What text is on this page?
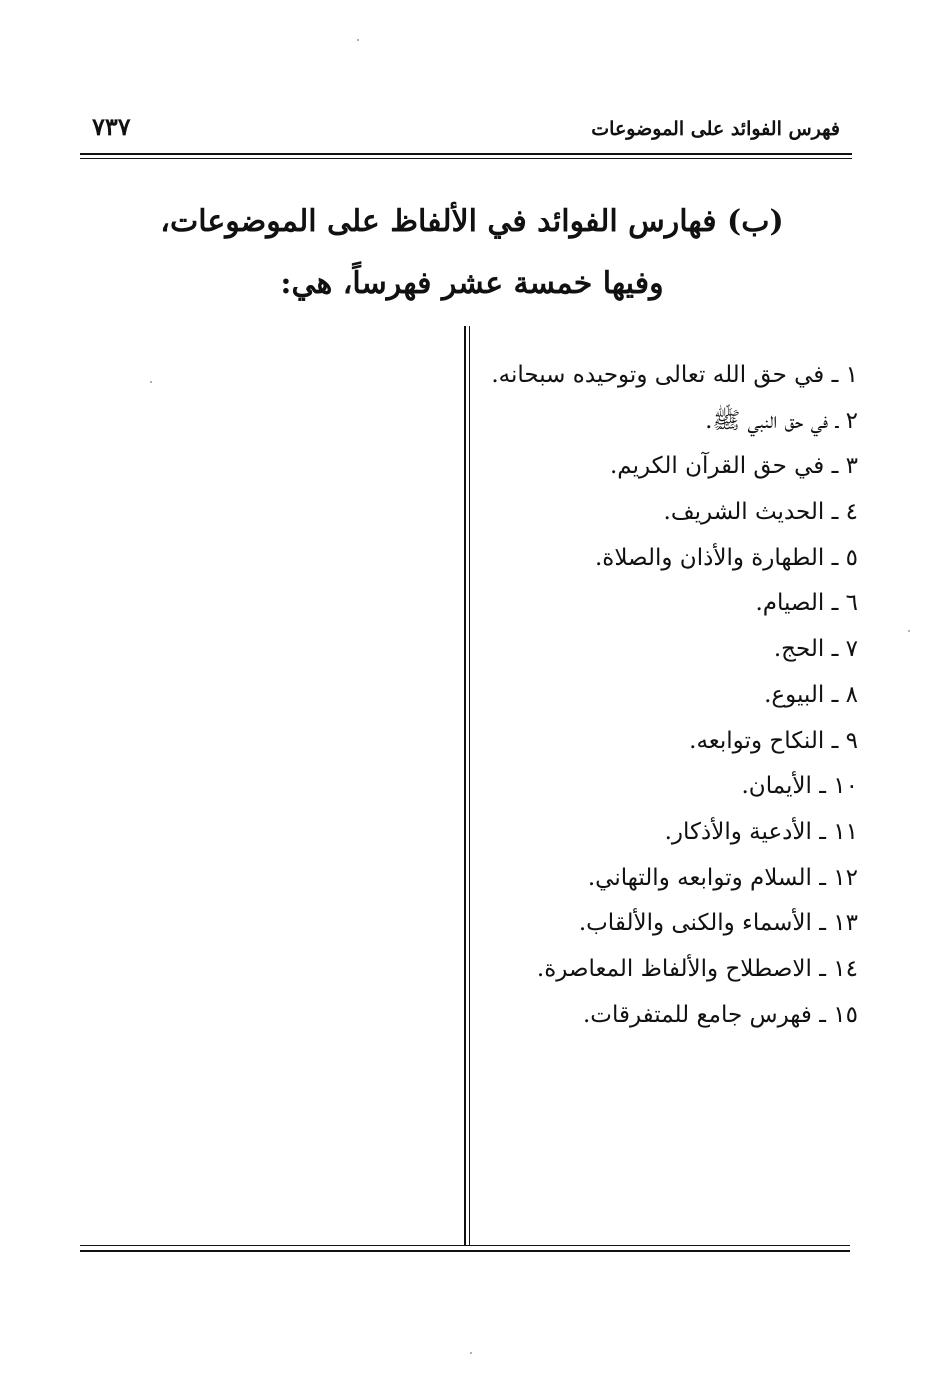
فهرس الفوائد على الموضوعات
٧٣٧
(ب) فهارس الفوائد في الألفاظ على الموضوعات،
وفيها خمسة عشر فهرساً، هي:
١ ـ في حق الله تعالى وتوحيده سبحانه.
٢ ـ في حق النبي ﷺ.
٣ ـ في حق القرآن الكريم.
٤ ـ الحديث الشريف.
٥ ـ الطهارة والأذان والصلاة.
٦ ـ الصيام.
٧ ـ الحج.
٨ ـ البيوع.
٩ ـ النكاح وتوابعه.
١٠ ـ الأيمان.
١١ ـ الأدعية والأذكار.
١٢ ـ السلام وتوابعه والتهاني.
١٣ ـ الأسماء والكنى والألقاب.
١٤ ـ الاصطلاح والألفاظ المعاصرة.
١٥ ـ فهرس جامع للمتفرقات.
